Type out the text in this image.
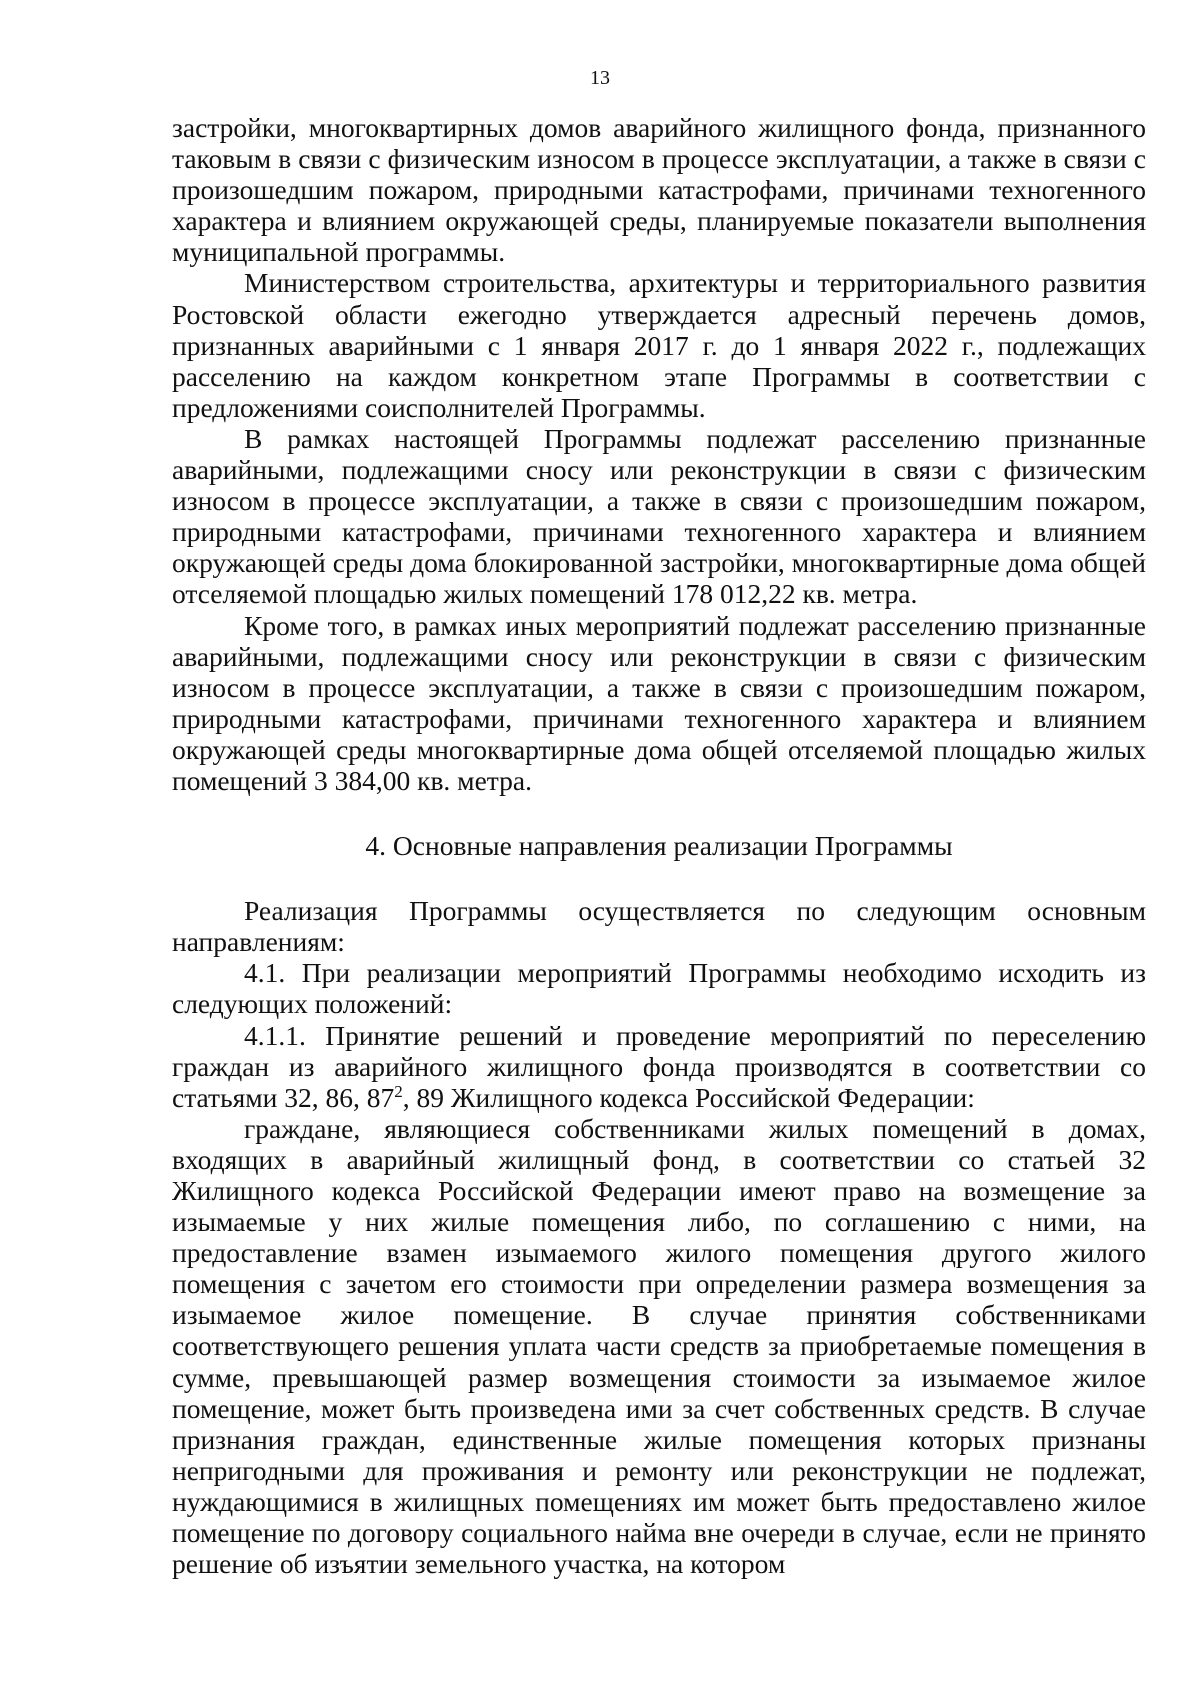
13

застройки, многоквартирных домов аварийного жилищного фонда, признанного таковым в связи с физическим износом в процессе эксплуатации, а также в связи с произошедшим пожаром, природными катастрофами, причинами техногенного характера и влиянием окружающей среды, планируемые показатели выполнения муниципальной программы.

Министерством строительства, архитектуры и территориального развития Ростовской области ежегодно утверждается адресный перечень домов, признанных аварийными с 1 января 2017 г. до 1 января 2022 г., подлежащих расселению на каждом конкретном этапе Программы в соответствии с предложениями соисполнителей Программы.

В рамках настоящей Программы подлежат расселению признанные аварийными, подлежащими сносу или реконструкции в связи с физическим износом в процессе эксплуатации, а также в связи с произошедшим пожаром, природными катастрофами, причинами техногенного характера и влиянием окружающей среды дома блокированной застройки, многоквартирные дома общей отселяемой площадью жилых помещений 178 012,22 кв. метра.

Кроме того, в рамках иных мероприятий подлежат расселению признанные аварийными, подлежащими сносу или реконструкции в связи с физическим износом в процессе эксплуатации, а также в связи с произошедшим пожаром, природными катастрофами, причинами техногенного характера и влиянием окружающей среды многоквартирные дома общей отселяемой площадью жилых помещений 3 384,00 кв. метра.

4. Основные направления реализации Программы

Реализация Программы осуществляется по следующим основным направлениям:

4.1. При реализации мероприятий Программы необходимо исходить из следующих положений:

4.1.1. Принятие решений и проведение мероприятий по переселению граждан из аварийного жилищного фонда производятся в соответствии со статьями 32, 86, $87^2$, 89 Жилищного кодекса Российской Федерации:

граждане, являющиеся собственниками жилых помещений в домах, входящих в аварийный жилищный фонд, в соответствии со статьей 32 Жилищного кодекса Российской Федерации имеют право на возмещение за изымаемые у них жилые помещения либо, по соглашению с ними, на предоставление взамен изымаемого жилого помещения другого жилого помещения с зачетом его стоимости при определении размера возмещения за изымаемое жилое помещение. В случае принятия собственниками соответствующего решения уплата части средств за приобретаемые помещения в сумме, превышающей размер возмещения стоимости за изымаемое жилое помещение, может быть произведена ими за счет собственных средств. В случае признания граждан, единственные жилые помещения которых признаны непригодными для проживания и ремонту или реконструкции не подлежат, нуждающимися в жилищных помещениях им может быть предоставлено жилое помещение по договору социального найма вне очереди в случае, если не принято решение об изъятии земельного участка, на котором
